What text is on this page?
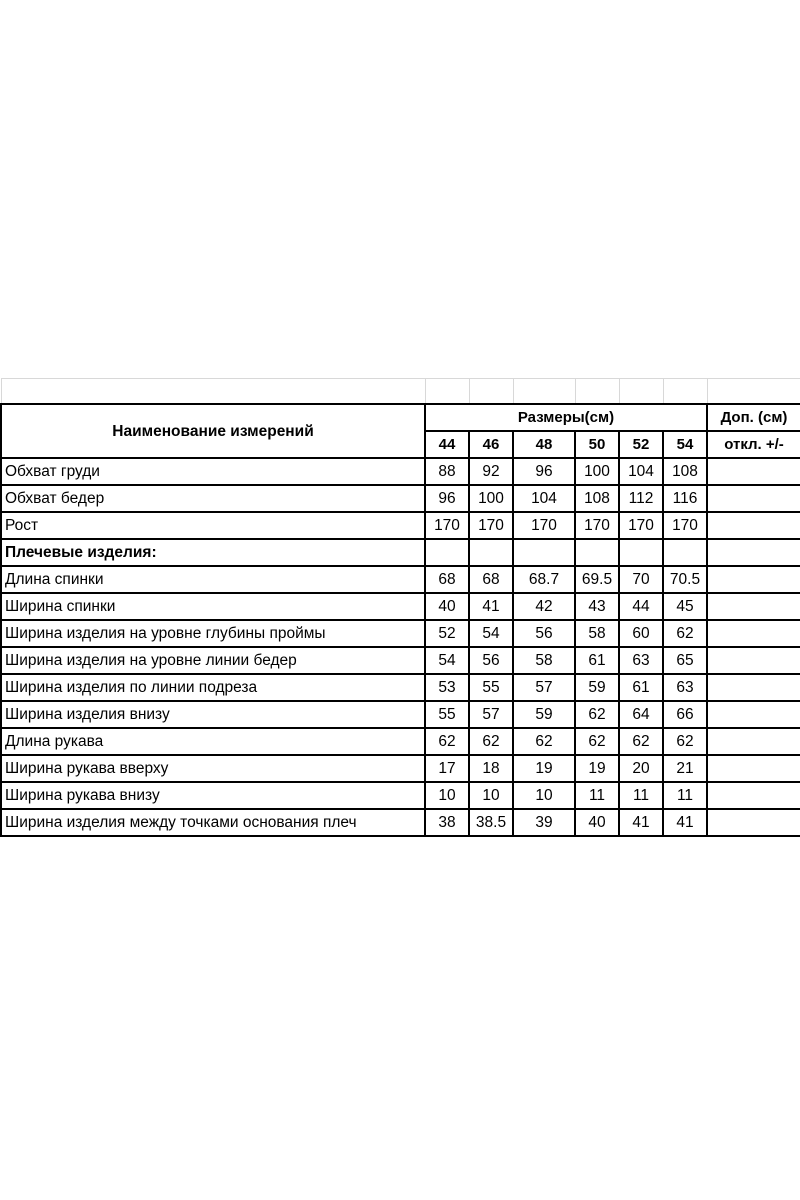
Наименование измерений	Размеры(см)						Доп. (см)
	44	46	48	50	52	54	откл. +/-
Обхват груди	88	92	96	100	104	108	
Обхват бедер	96	100	104	108	112	116	
Рост	170	170	170	170	170	170	
Плечевые изделия:							
Длина спинки	68	68	68.7	69.5	70	70.5	
Ширина спинки	40	41	42	43	44	45	
Ширина изделия на уровне глубины проймы	52	54	56	58	60	62	
Ширина изделия на уровне линии бедер	54	56	58	61	63	65	
Ширина изделия по линии подреза	53	55	57	59	61	63	
Ширина изделия внизу	55	57	59	62	64	66	
Длина рукава	62	62	62	62	62	62	
Ширина рукава вверху	17	18	19	19	20	21	
Ширина рукава внизу	10	10	10	11	11	11	
Ширина изделия между точками основания плеч	38	38.5	39	40	41	41	
